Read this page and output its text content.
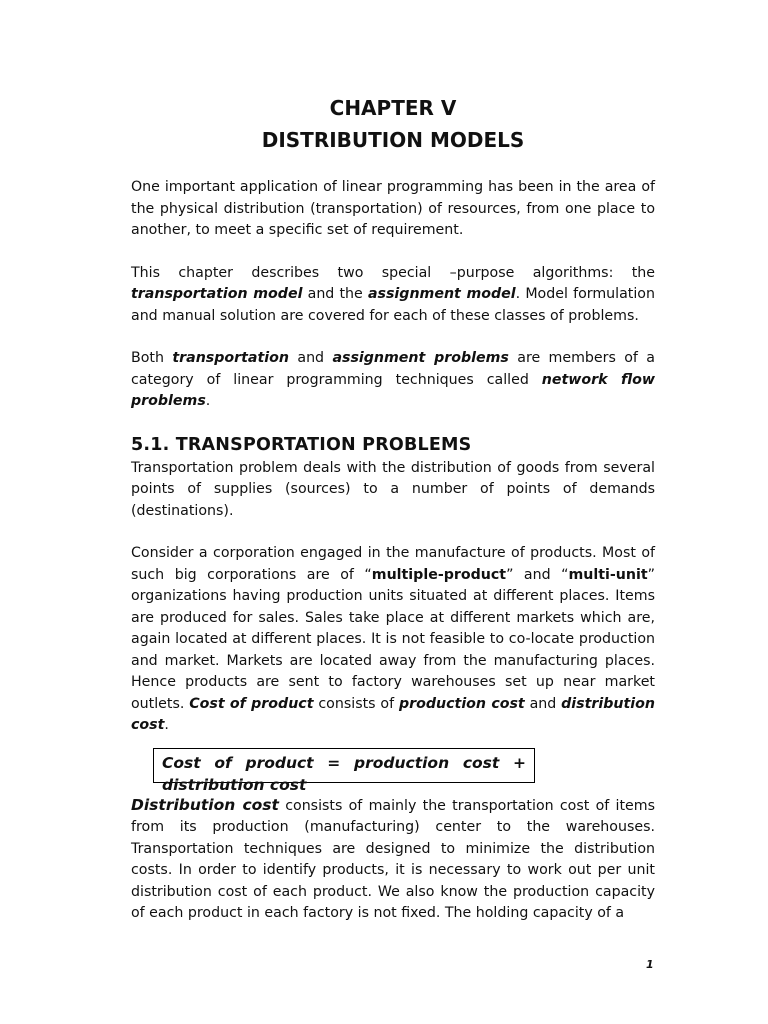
CHAPTER V
DISTRIBUTION MODELS

One important application of linear programming has been in the area of the physical distribution (transportation) of resources, from one place to another, to meet a specific set of requirement.

This chapter describes two special –purpose algorithms: the transportation model and the assignment model. Model formulation and manual solution are covered for each of these classes of problems.

Both transportation and assignment problems are members of a category of linear programming techniques called network flow problems.

5.1. TRANSPORTATION PROBLEMS

Transportation problem deals with the distribution of goods from several points of supplies (sources) to a number of points of demands (destinations).

Consider a corporation engaged in the manufacture of products. Most of such big corporations are of “multiple-product” and “multi-unit” organizations having production units situated at different places. Items are produced for sales. Sales take place at different markets which are, again located at different places. It is not feasible to co-locate production and market. Markets are located away from the manufacturing places. Hence products are sent to factory warehouses set up near market outlets. Cost of product consists of production cost and distribution cost.

Cost of product = production cost +
distribution cost

Distribution cost consists of mainly the transportation cost of items from its production (manufacturing) center to the warehouses. Transportation techniques are designed to minimize the distribution costs. In order to identify products, it is necessary to work out per unit distribution cost of each product. We also know the production capacity of each product in each factory is not fixed. The holding capacity of a

1
